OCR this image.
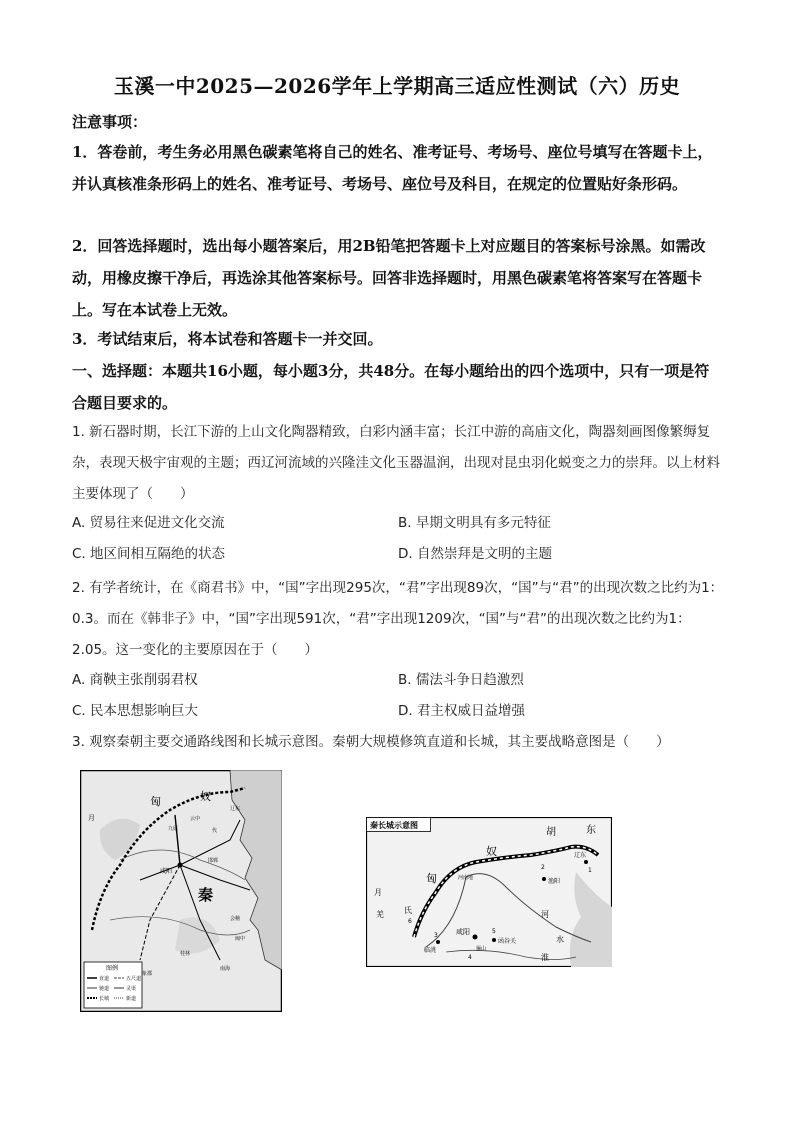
玉溪一中2025—2026学年上学期高三适应性测试（六）历史
注意事项：
1．答卷前，考生务必用黑色碳素笔将自己的姓名、准考证号、考场号、座位号填写在答题卡上，并认真核准条形码上的姓名、准考证号、考场号、座位号及科目，在规定的位置贴好条形码。
2．回答选择题时，选出每小题答案后，用2B铅笔把答题卡上对应题目的答案标号涂黑。如需改动，用橡皮擦干净后，再选涂其他答案标号。回答非选择题时，用黑色碳素笔将答案写在答题卡上。写在本试卷上无效。
3．考试结束后，将本试卷和答题卡一并交回。
一、选择题：本题共16小题，每小题3分，共48分。在每小题给出的四个选项中，只有一项是符合题目要求的。
1. 新石器时期，长江下游的上山文化陶器精致，白彩内涵丰富；长江中游的高庙文化，陶器刻画图像繁缛复杂，表现天极宇宙观的主题；西辽河流域的兴隆洼文化玉器温润，出现对昆虫羽化蜕变之力的崇拜。以上材料主要体现了（　　）
A. 贸易往来促进文化交流	B. 早期文明具有多元特征
C. 地区间相互隔绝的状态	D. 自然崇拜是文明的主题
2. 有学者统计，在《商君书》中，“国”字出现295次，“君”字出现89次，“国”与“君”的出现次数之比约为1：0.3。而在《韩非子》中，“国”字出现591次，“君”字出现1209次，“国”与“君”的出现次数之比约为1：2.05。这一变化的主要原因在于（　　）
A. 商鞅主张削弱君权	B. 儒法斗争日趋激烈
C. 民本思想影响巨大	D. 君主权威日益增强
3. 观察秦朝主要交通路线图和长城示意图。秦朝大规模修筑直道和长城，其主要战略意图是（　　）
匈	奴
秦
月
咸阳
九原
云中
代
辽东
邯郸
南海
会稽
象郡
桂林
闽中
图例
直道
驰道
长城
五尺道
灵渠
新道
秦长城示意图
胡	东
奴
匈	河南地
辽东
渔阳
月
氏
羌
咸阳
临洮
函谷关
骊山
河
水
淮
1
2
3
4
5
6
